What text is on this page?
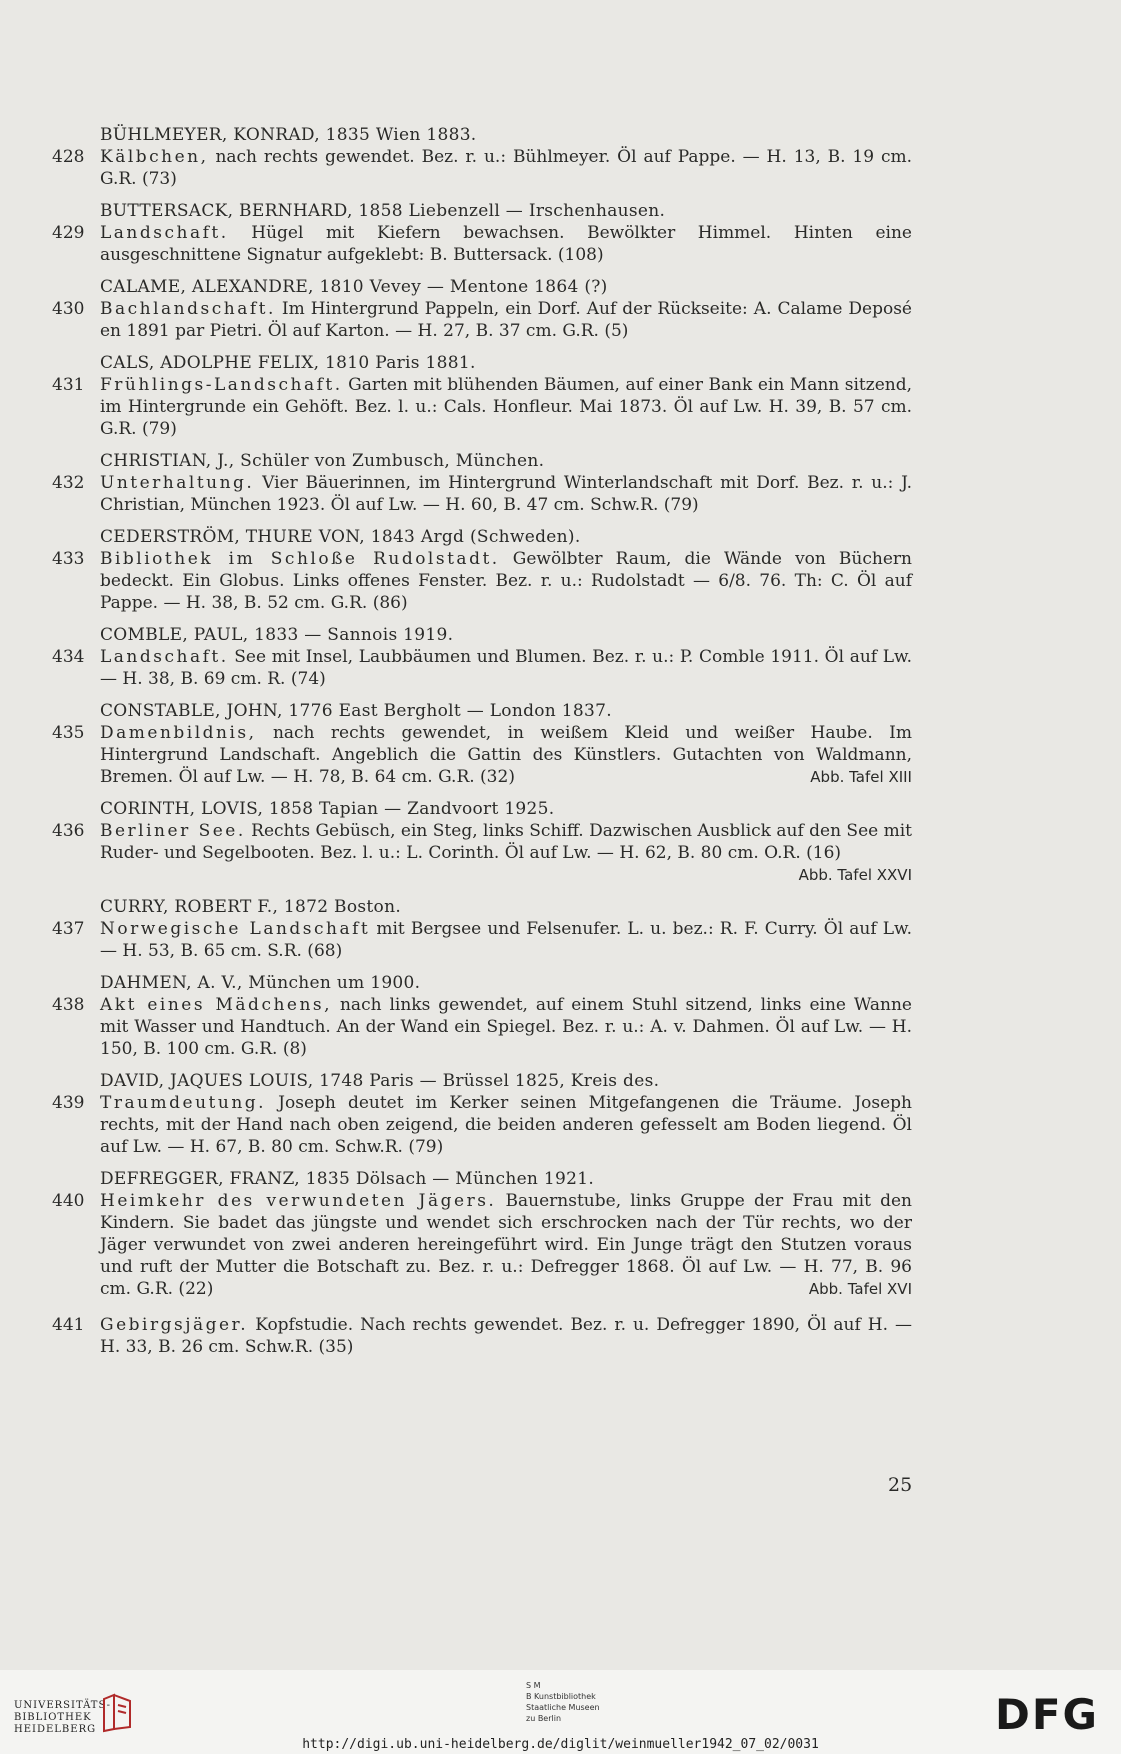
BÜHLMEYER, KONRAD, 1835 Wien 1883.
428 Kälbchen, nach rechts gewendet. Bez. r. u.: Bühlmeyer. Öl auf Pappe. — H. 13, B. 19 cm. G.R. (73)
BUTTERSACK, BERNHARD, 1858 Liebenzell — Irschenhausen.
429 Landschaft. Hügel mit Kiefern bewachsen. Bewölkter Himmel. Hinten eine ausgeschnittene Signatur aufgeklebt: B. Buttersack. (108)
CALAME, ALEXANDRE, 1810 Vevey — Mentone 1864 (?)
430 Bachlandschaft. Im Hintergrund Pappeln, ein Dorf. Auf der Rückseite: A. Calame Deposé en 1891 par Pietri. Öl auf Karton. — H. 27, B. 37 cm. G.R. (5)
CALS, ADOLPHE FELIX, 1810 Paris 1881.
431 Frühlings-Landschaft. Garten mit blühenden Bäumen, auf einer Bank ein Mann sitzend, im Hintergrunde ein Gehöft. Bez. l. u.: Cals. Honfleur. Mai 1873. Öl auf Lw. H. 39, B. 57 cm. G.R. (79)
CHRISTIAN, J., Schüler von Zumbusch, München.
432 Unterhaltung. Vier Bäuerinnen, im Hintergrund Winterlandschaft mit Dorf. Bez. r. u.: J. Christian, München 1923. Öl auf Lw. — H. 60, B. 47 cm. Schw.R. (79)
CEDERSTRÖM, THURE VON, 1843 Argd (Schweden).
433 Bibliothek im Schloße Rudolstadt. Gewölbter Raum, die Wände von Büchern bedeckt. Ein Globus. Links offenes Fenster. Bez. r. u.: Rudolstadt — 6/8. 76. Th: C. Öl auf Pappe. — H. 38, B. 52 cm. G.R. (86)
COMBLE, PAUL, 1833 — Sannois 1919.
434 Landschaft. See mit Insel, Laubbäumen und Blumen. Bez. r. u.: P. Comble 1911. Öl auf Lw. — H. 38, B. 69 cm. R. (74)
CONSTABLE, JOHN, 1776 East Bergholt — London 1837.
435 Damenbildnis, nach rechts gewendet, in weißem Kleid und weißer Haube. Im Hintergrund Landschaft. Angeblich die Gattin des Künstlers. Gutachten von Waldmann, Bremen. Öl auf Lw. — H. 78, B. 64 cm. G.R. (32)	Abb. Tafel XIII
CORINTH, LOVIS, 1858 Tapian — Zandvoort 1925.
436 Berliner See. Rechts Gebüsch, ein Steg, links Schiff. Dazwischen Ausblick auf den See mit Ruder- und Segelbooten. Bez. l. u.: L. Corinth. Öl auf Lw. — H. 62, B. 80 cm. O.R. (16)
Abb. Tafel XXVI
CURRY, ROBERT F., 1872 Boston.
437 Norwegische Landschaft mit Bergsee und Felsenufer. L. u. bez.: R. F. Curry. Öl auf Lw. — H. 53, B. 65 cm. S.R. (68)
DAHMEN, A. V., München um 1900.
438 Akt eines Mädchens, nach links gewendet, auf einem Stuhl sitzend, links eine Wanne mit Wasser und Handtuch. An der Wand ein Spiegel. Bez. r. u.: A. v. Dahmen. Öl auf Lw. — H. 150, B. 100 cm. G.R. (8)
DAVID, JAQUES LOUIS, 1748 Paris — Brüssel 1825, Kreis des.
439 Traumdeutung. Joseph deutet im Kerker seinen Mitgefangenen die Träume. Joseph rechts, mit der Hand nach oben zeigend, die beiden anderen gefesselt am Boden liegend. Öl auf Lw. — H. 67, B. 80 cm. Schw.R. (79)
DEFREGGER, FRANZ, 1835 Dölsach — München 1921.
440 Heimkehr des verwundeten Jägers. Bauernstube, links Gruppe der Frau mit den Kindern. Sie badet das jüngste und wendet sich erschrocken nach der Tür rechts, wo der Jäger verwundet von zwei anderen hereingeführt wird. Ein Junge trägt den Stutzen voraus und ruft der Mutter die Botschaft zu. Bez. r. u.: Defregger 1868. Öl auf Lw. — H. 77, B. 96 cm. G.R. (22)	Abb. Tafel XVI
441 Gebirgsjäger. Kopfstudie. Nach rechts gewendet. Bez. r. u. Defregger 1890, Öl auf H. — H. 33, B. 26 cm. Schw.R. (35)
25
UNIVERSITÄTS-
BIBLIOTHEK
HEIDELBERG
S M
B Kunstbibliothek
Staatliche Museen
zu Berlin	DFG
http://digi.ub.uni-heidelberg.de/diglit/weinmueller1942_07_02/0031
